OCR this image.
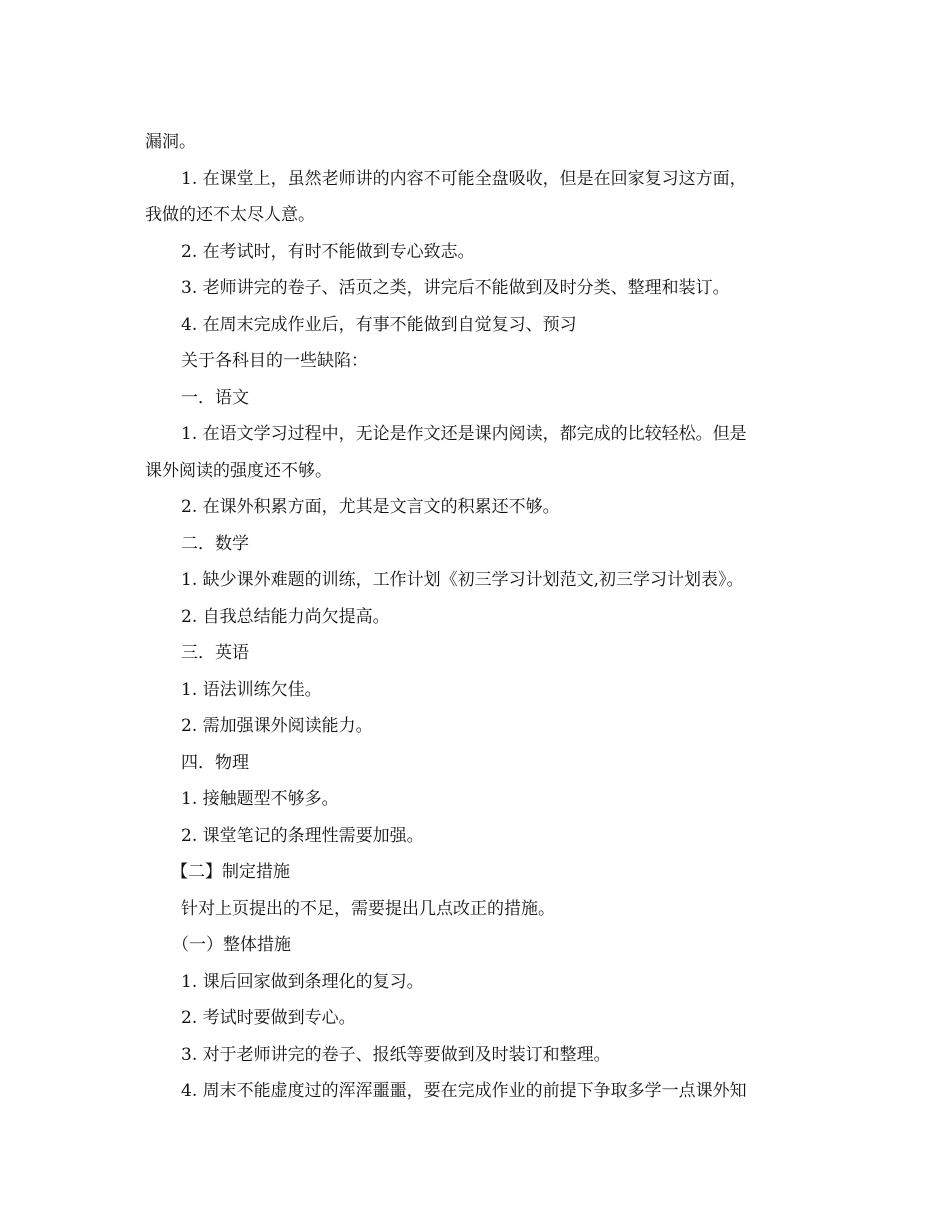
漏洞。
1. 在课堂上，虽然老师讲的内容不可能全盘吸收，但是在回家复习这方面，
我做的还不太尽人意。
2. 在考试时，有时不能做到专心致志。
3. 老师讲完的卷子、活页之类，讲完后不能做到及时分类、整理和装订。
4. 在周末完成作业后，有事不能做到自觉复习、预习
关于各科目的一些缺陷：
一．语文
1. 在语文学习过程中，无论是作文还是课内阅读，都完成的比较轻松。但是
课外阅读的强度还不够。
2. 在课外积累方面，尤其是文言文的积累还不够。
二．数学
1. 缺少课外难题的训练，工作计划《初三学习计划范文,初三学习计划表》。
2. 自我总结能力尚欠提高。
三．英语
1. 语法训练欠佳。
2. 需加强课外阅读能力。
四．物理
1. 接触题型不够多。
2. 课堂笔记的条理性需要加强。
【二】制定措施
针对上页提出的不足，需要提出几点改正的措施。
（一）整体措施
1. 课后回家做到条理化的复习。
2. 考试时要做到专心。
3. 对于老师讲完的卷子、报纸等要做到及时装订和整理。
4. 周末不能虚度过的浑浑噩噩，要在完成作业的前提下争取多学一点课外知
